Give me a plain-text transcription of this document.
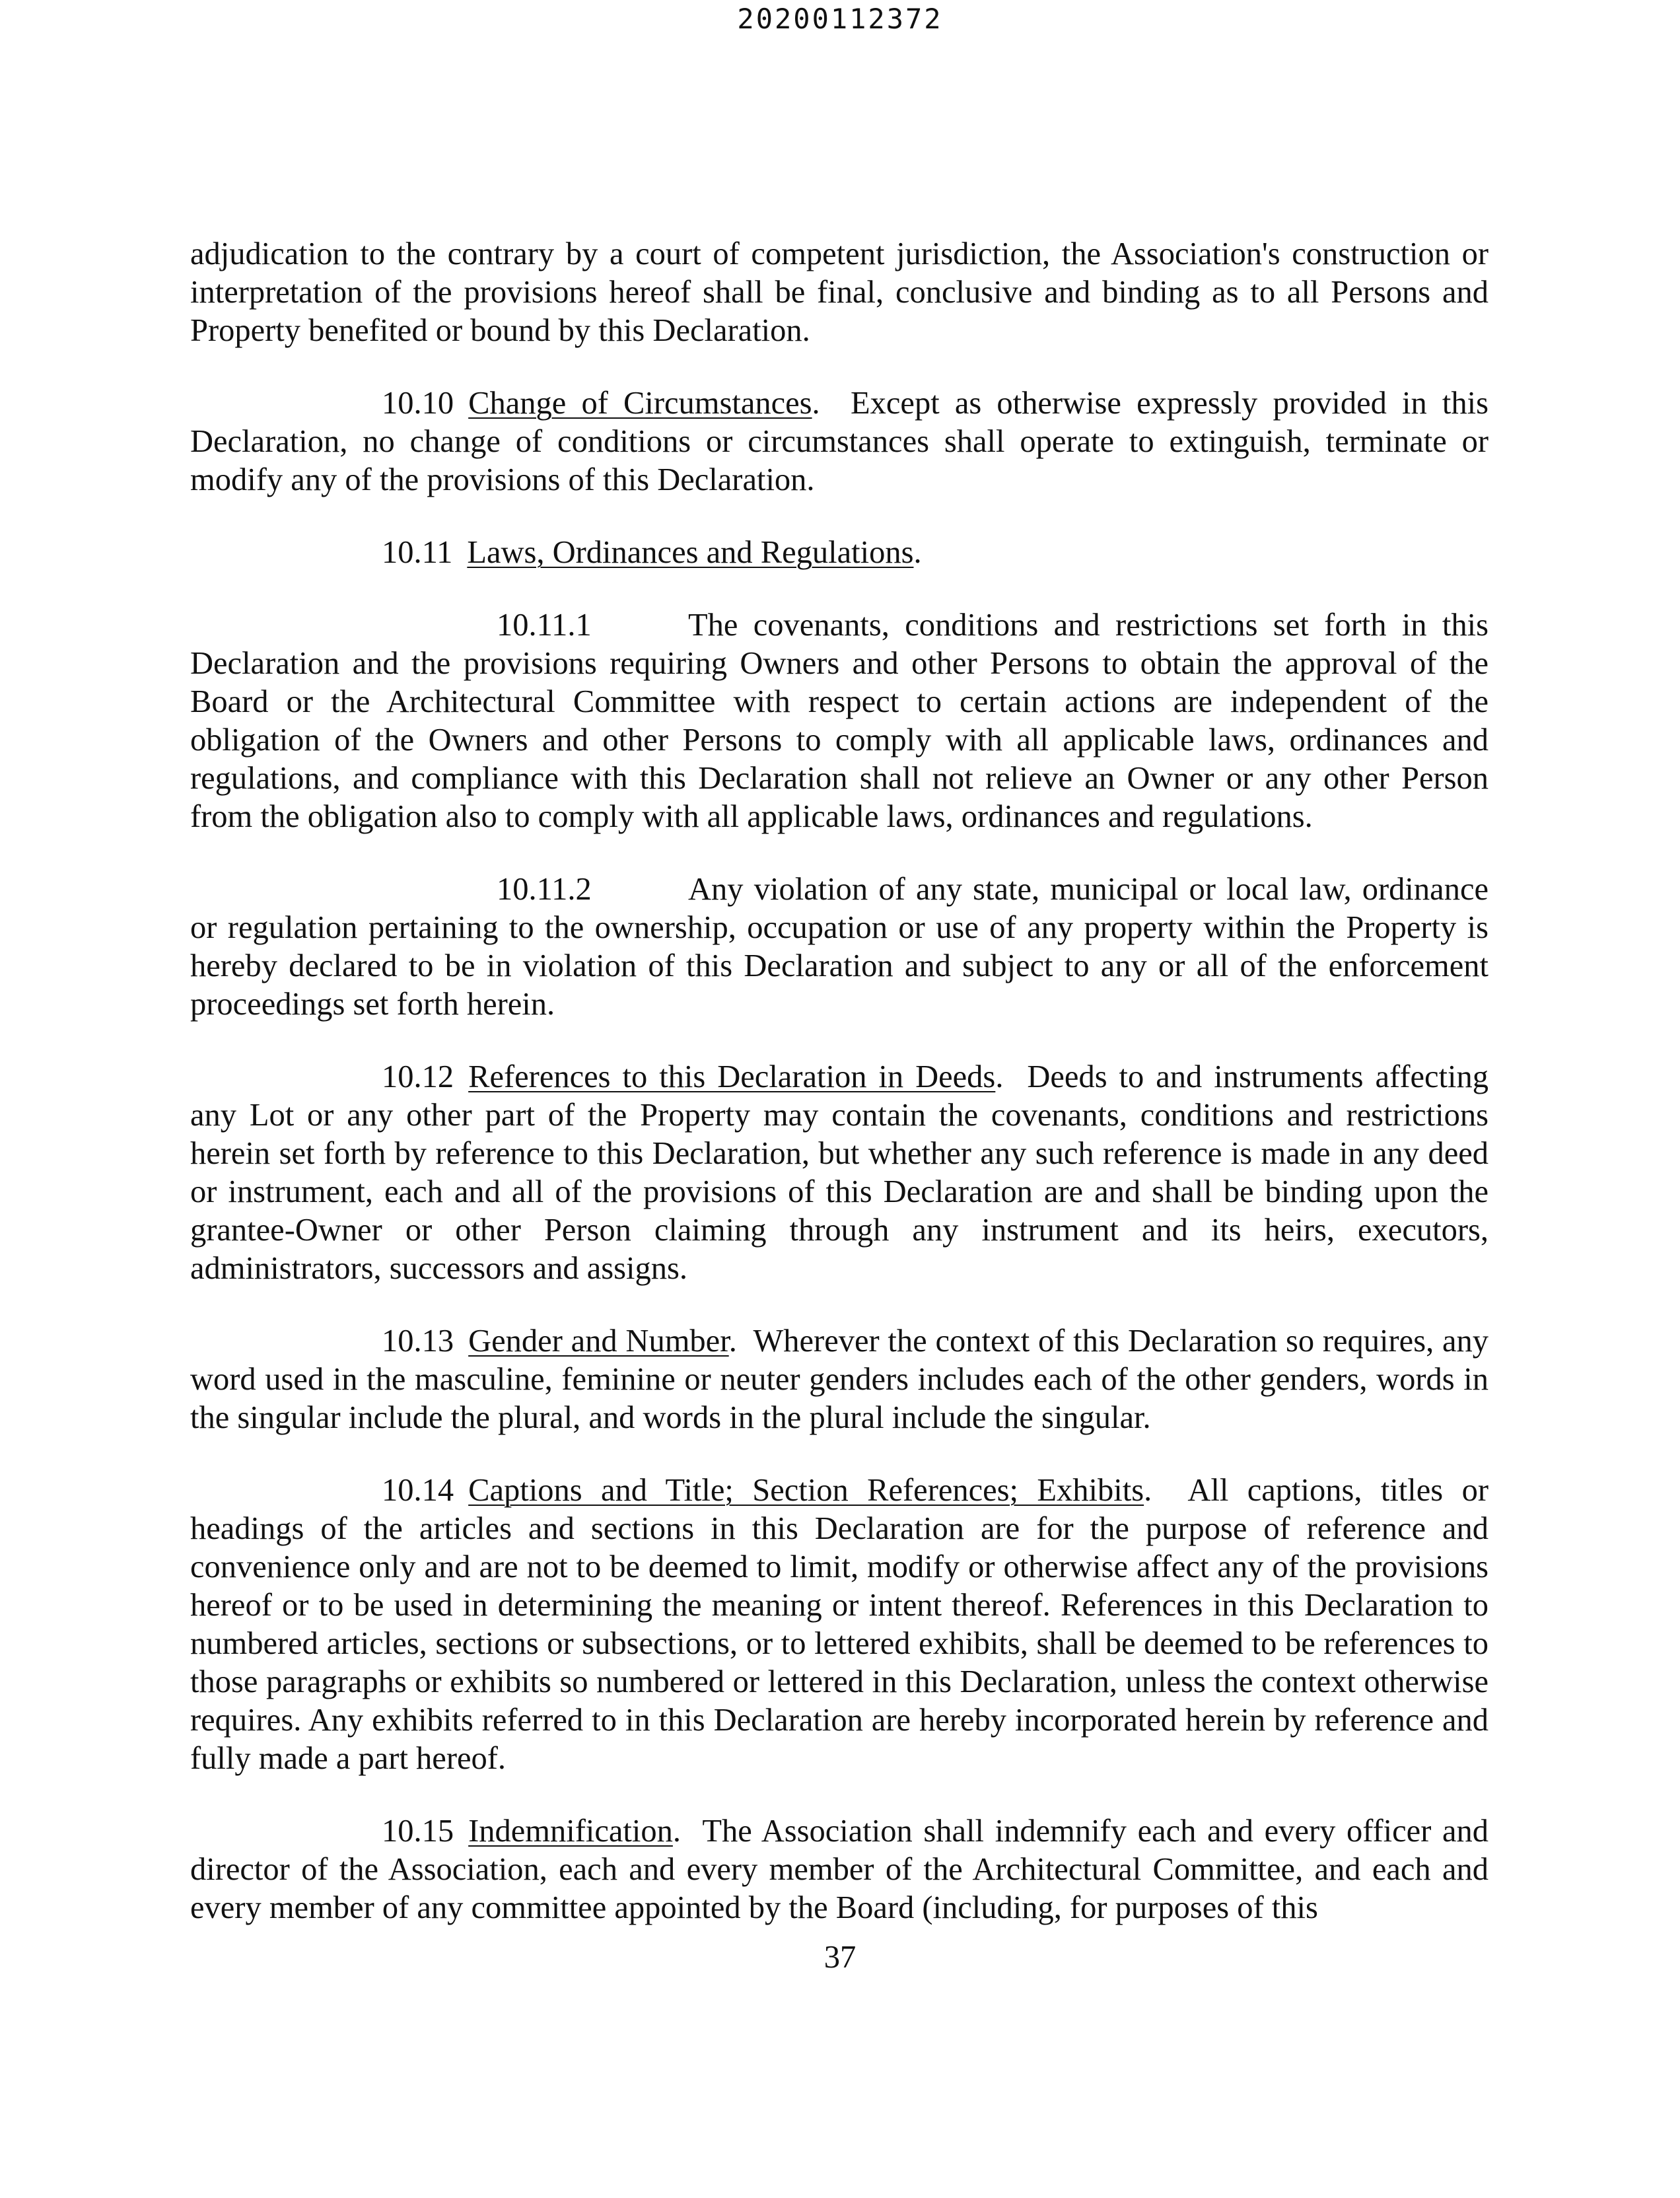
20200112372

adjudication to the contrary by a court of competent jurisdiction, the Association's construction or interpretation of the provisions hereof shall be final, conclusive and binding as to all Persons and Property benefited or bound by this Declaration.

10.10 Change of Circumstances.  Except as otherwise expressly provided in this Declaration, no change of conditions or circumstances shall operate to extinguish, terminate or modify any of the provisions of this Declaration.

10.11 Laws, Ordinances and Regulations.

10.11.1	The covenants, conditions and restrictions set forth in this Declaration and the provisions requiring Owners and other Persons to obtain the approval of the Board or the Architectural Committee with respect to certain actions are independent of the obligation of the Owners and other Persons to comply with all applicable laws, ordinances and regulations, and compliance with this Declaration shall not relieve an Owner or any other Person from the obligation also to comply with all applicable laws, ordinances and regulations.

10.11.2	Any violation of any state, municipal or local law, ordinance or regulation pertaining to the ownership, occupation or use of any property within the Property is hereby declared to be in violation of this Declaration and subject to any or all of the enforcement proceedings set forth herein.

10.12 References to this Declaration in Deeds.  Deeds to and instruments affecting any Lot or any other part of the Property may contain the covenants, conditions and restrictions herein set forth by reference to this Declaration, but whether any such reference is made in any deed or instrument, each and all of the provisions of this Declaration are and shall be binding upon the grantee-Owner or other Person claiming through any instrument and its heirs, executors, administrators, successors and assigns.

10.13 Gender and Number.  Wherever the context of this Declaration so requires, any word used in the masculine, feminine or neuter genders includes each of the other genders, words in the singular include the plural, and words in the plural include the singular.

10.14 Captions and Title; Section References; Exhibits.  All captions, titles or headings of the articles and sections in this Declaration are for the purpose of reference and convenience only and are not to be deemed to limit, modify or otherwise affect any of the provisions hereof or to be used in determining the meaning or intent thereof. References in this Declaration to numbered articles, sections or subsections, or to lettered exhibits, shall be deemed to be references to those paragraphs or exhibits so numbered or lettered in this Declaration, unless the context otherwise requires. Any exhibits referred to in this Declaration are hereby incorporated herein by reference and fully made a part hereof.

10.15 Indemnification.  The Association shall indemnify each and every officer and director of the Association, each and every member of the Architectural Committee, and each and every member of any committee appointed by the Board (including, for purposes of this

37
